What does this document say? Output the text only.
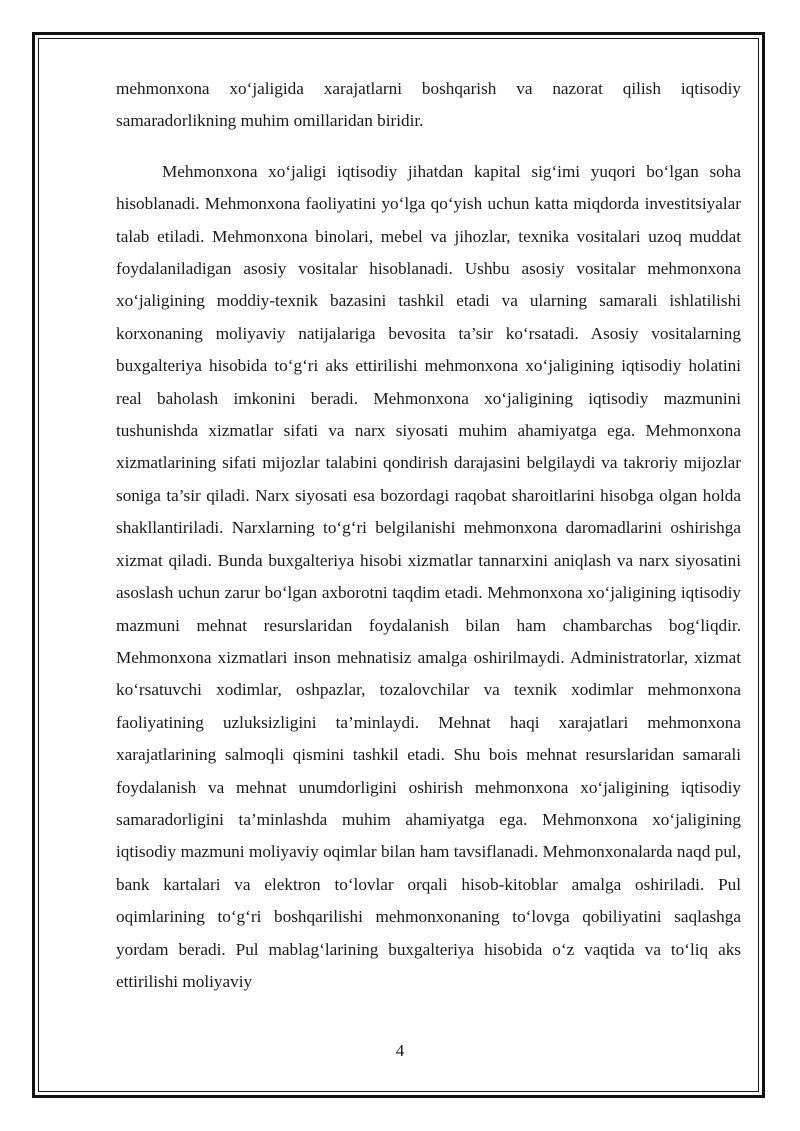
mehmonxona xo‘jaligida xarajatlarni boshqarish va nazorat qilish iqtisodiy samaradorlikning muhim omillaridan biridir.

Mehmonxona xo‘jaligi iqtisodiy jihatdan kapital sig‘imi yuqori bo‘lgan soha hisoblanadi. Mehmonxona faoliyatini yo‘lga qo‘yish uchun katta miqdorda investitsiyalar talab etiladi. Mehmonxona binolari, mebel va jihozlar, texnika vositalari uzoq muddat foydalaniladigan asosiy vositalar hisoblanadi. Ushbu asosiy vositalar mehmonxona xo‘jaligining moddiy-texnik bazasini tashkil etadi va ularning samarali ishlatilishi korxonaning moliyaviy natijalariga bevosita ta’sir ko‘rsatadi. Asosiy vositalarning buxgalteriya hisobida to‘g‘ri aks ettirilishi mehmonxona xo‘jaligining iqtisodiy holatini real baholash imkonini beradi. Mehmonxona xo‘jaligining iqtisodiy mazmunini tushunishda xizmatlar sifati va narx siyosati muhim ahamiyatga ega. Mehmonxona xizmatlarining sifati mijozlar talabini qondirish darajasini belgilaydi va takroriy mijozlar soniga ta’sir qiladi. Narx siyosati esa bozordagi raqobat sharoitlarini hisobga olgan holda shakllantiriladi. Narxlarning to‘g‘ri belgilanishi mehmonxona daromadlarini oshirishga xizmat qiladi. Bunda buxgalteriya hisobi xizmatlar tannarxini aniqlash va narx siyosatini asoslash uchun zarur bo‘lgan axborotni taqdim etadi. Mehmonxona xo‘jaligining iqtisodiy mazmuni mehnat resurslaridan foydalanish bilan ham chambarchas bog‘liqdir. Mehmonxona xizmatlari inson mehnatisiz amalga oshirilmaydi. Administratorlar, xizmat ko‘rsatuvchi xodimlar, oshpazlar, tozalovchilar va texnik xodimlar mehmonxona faoliyatining uzluksizligini ta’minlaydi. Mehnat haqi xarajatlari mehmonxona xarajatlarining salmoqli qismini tashkil etadi. Shu bois mehnat resurslaridan samarali foydalanish va mehnat unumdorligini oshirish mehmonxona xo‘jaligining iqtisodiy samaradorligini ta’minlashda muhim ahamiyatga ega. Mehmonxona xo‘jaligining iqtisodiy mazmuni moliyaviy oqimlar bilan ham tavsiflanadi. Mehmonxonalarda naqd pul, bank kartalari va elektron to‘lovlar orqali hisob-kitoblar amalga oshiriladi. Pul oqimlarining to‘g‘ri boshqarilishi mehmonxonaning to‘lovga qobiliyatini saqlashga yordam beradi. Pul mablag‘larining buxgalteriya hisobida o‘z vaqtida va to‘liq aks ettirilishi moliyaviy

4
